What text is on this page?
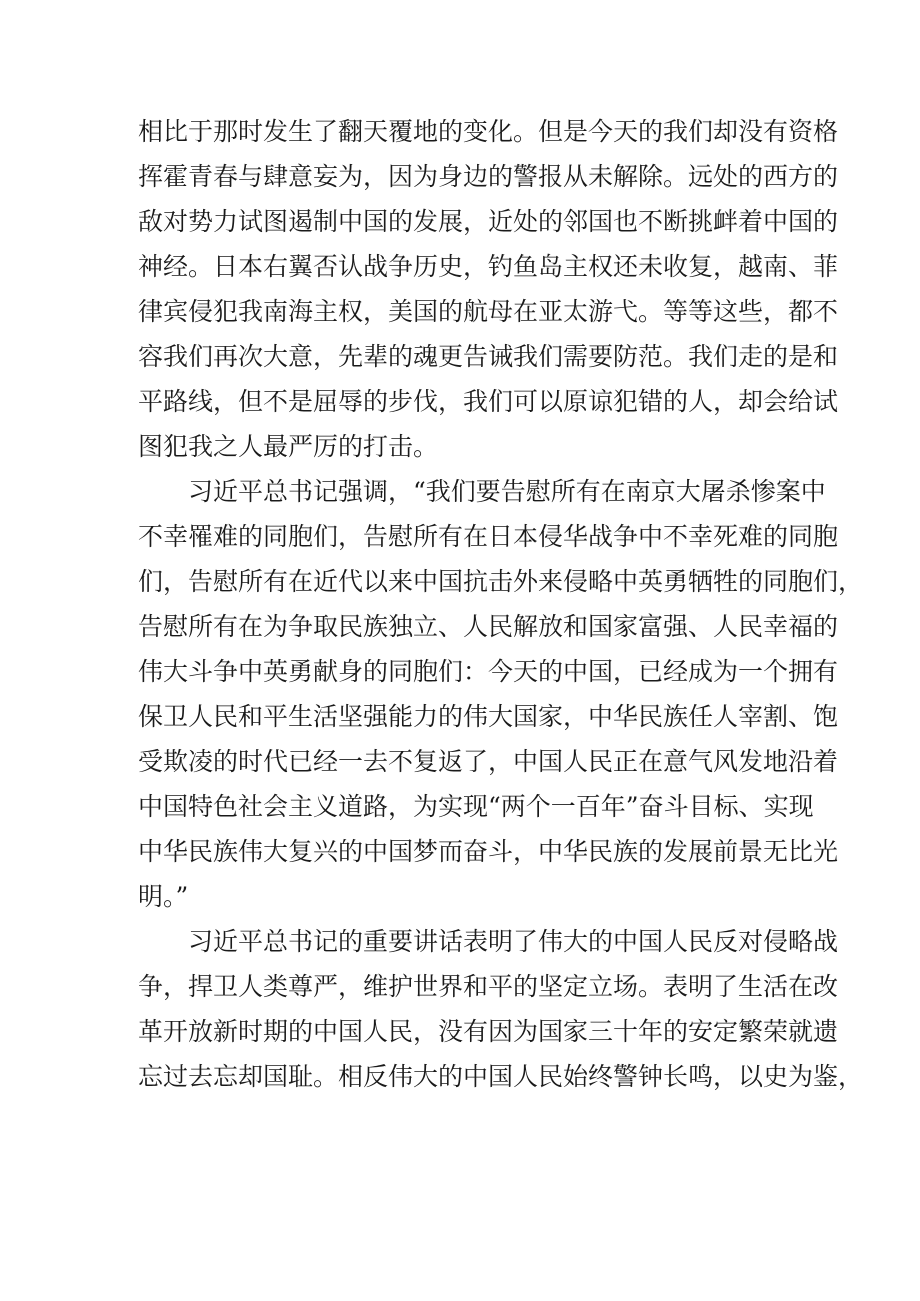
相比于那时发生了翻天覆地的变化。但是今天的我们却没有资格
挥霍青春与肆意妄为，因为身边的警报从未解除。远处的西方的
敌对势力试图遏制中国的发展，近处的邻国也不断挑衅着中国的
神经。日本右翼否认战争历史，钓鱼岛主权还未收复，越南、菲
律宾侵犯我南海主权，美国的航母在亚太游弋。等等这些，都不
容我们再次大意，先辈的魂更告诫我们需要防范。我们走的是和
平路线，但不是屈辱的步伐，我们可以原谅犯错的人，却会给试
图犯我之人最严厉的打击。
习近平总书记强调，“我们要告慰所有在南京大屠杀惨案中
不幸罹难的同胞们，告慰所有在日本侵华战争中不幸死难的同胞
们，告慰所有在近代以来中国抗击外来侵略中英勇牺牲的同胞们，
告慰所有在为争取民族独立、人民解放和国家富强、人民幸福的
伟大斗争中英勇献身的同胞们：今天的中国，已经成为一个拥有
保卫人民和平生活坚强能力的伟大国家，中华民族任人宰割、饱
受欺凌的时代已经一去不复返了，中国人民正在意气风发地沿着
中国特色社会主义道路，为实现“两个一百年”奋斗目标、实现
中华民族伟大复兴的中国梦而奋斗，中华民族的发展前景无比光
明。”
习近平总书记的重要讲话表明了伟大的中国人民反对侵略战
争，捍卫人类尊严，维护世界和平的坚定立场。表明了生活在改
革开放新时期的中国人民，没有因为国家三十年的安定繁荣就遗
忘过去忘却国耻。相反伟大的中国人民始终警钟长鸣，以史为鉴，
